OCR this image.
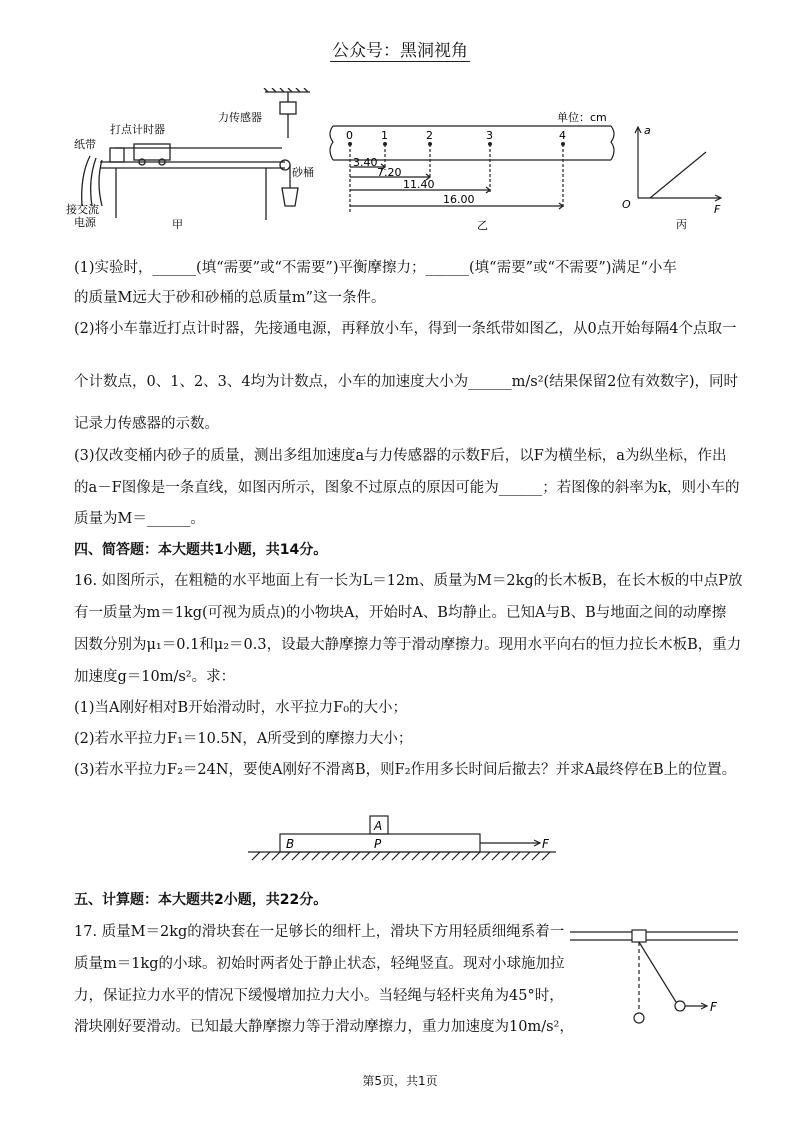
公众号：黑洞视角
打点计时器
纸带
力传感器
砂桶
接交流
电源	甲
单位：cm
0	1	2	3	4
3.40
7.20
11.40
16.00
乙
a
O	F
丙
(1)实验时，______(填“需要”或“不需要”)平衡摩擦力；______(填“需要”或“不需要”)满足“小车
的质量M远大于砂和砂桶的总质量m”这一条件。
(2)将小车靠近打点计时器，先接通电源，再释放小车，得到一条纸带如图乙，从0点开始每隔4个点取一
个计数点，0、1、2、3、4均为计数点，小车的加速度大小为______m/s²(结果保留2位有效数字)，同时
记录力传感器的示数。
(3)仅改变桶内砂子的质量，测出多组加速度a与力传感器的示数F后，以F为横坐标，a为纵坐标，作出
的a－F图像是一条直线，如图丙所示，图象不过原点的原因可能为______；若图像的斜率为k，则小车的
质量为M＝______。
四、简答题：本大题共1小题，共14分。
16. 如图所示，在粗糙的水平地面上有一长为L＝12m、质量为M＝2kg的长木板B，在长木板的中点P放
有一质量为m＝1kg(可视为质点)的小物块A，开始时A、B均静止。已知A与B、B与地面之间的动摩擦
因数分别为μ₁＝0.1和μ₂＝0.3，设最大静摩擦力等于滑动摩擦力。现用水平向右的恒力拉长木板B，重力
加速度g＝10m/s²。求：
(1)当A刚好相对B开始滑动时，水平拉力F₀的大小；
(2)若水平拉力F₁＝10.5N，A所受到的摩擦力大小；
(3)若水平拉力F₂＝24N，要使A刚好不滑离B，则F₂作用多长时间后撤去？并求A最终停在B上的位置。
A
B	P	F
五、计算题：本大题共2小题，共22分。
17. 质量M＝2kg的滑块套在一足够长的细杆上，滑块下方用轻质细绳系着一
质量m＝1kg的小球。初始时两者处于静止状态，轻绳竖直。现对小球施加拉
力，保证拉力水平的情况下缓慢增加拉力大小。当轻绳与轻杆夹角为45°时，
滑块刚好要滑动。已知最大静摩擦力等于滑动摩擦力，重力加速度为10m/s²，
F
第5页，共1页
